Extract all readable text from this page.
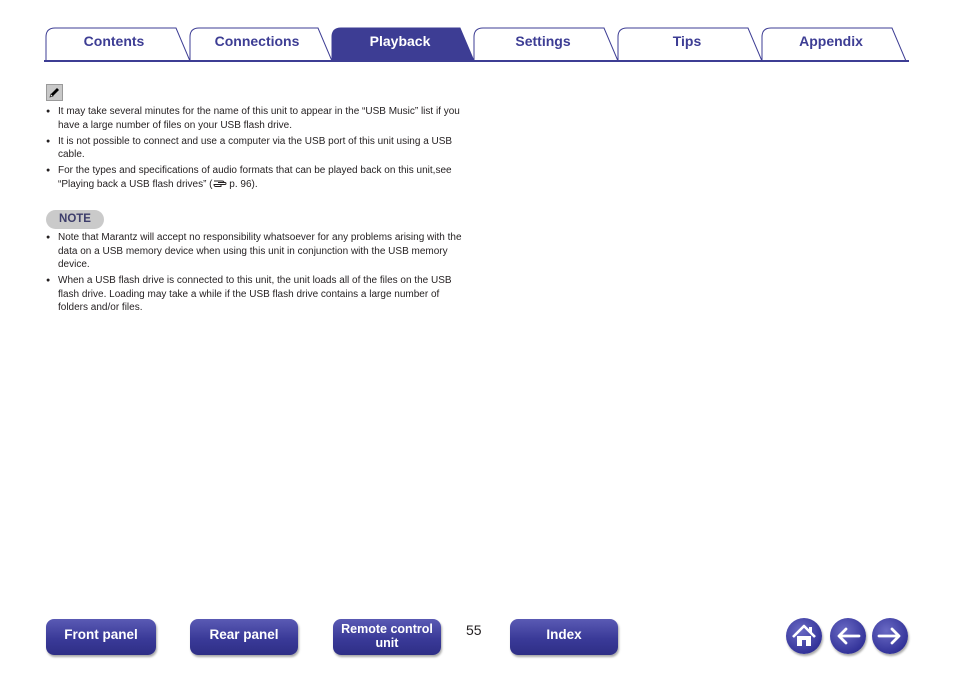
Contents	Connections	Playback	Settings	Tips	Appendix
● It may take several minutes for the name of this unit to appear in the “USB Music” list if you have a large number of files on your USB flash drive.
● It is not possible to connect and use a computer via the USB port of this unit using a USB cable.
● For the types and specifications of audio formats that can be played back on this unit,see “Playing back a USB flash drives” ( p. 96).
NOTE
● Note that Marantz will accept no responsibility whatsoever for any problems arising with the data on a USB memory device when using this unit in conjunction with the USB memory device.
● When a USB flash drive is connected to this unit, the unit loads all of the files on the USB flash drive. Loading may take a while if the USB flash drive contains a large number of folders and/or files.
Front panel	Rear panel	Remote control
unit
55	Index
